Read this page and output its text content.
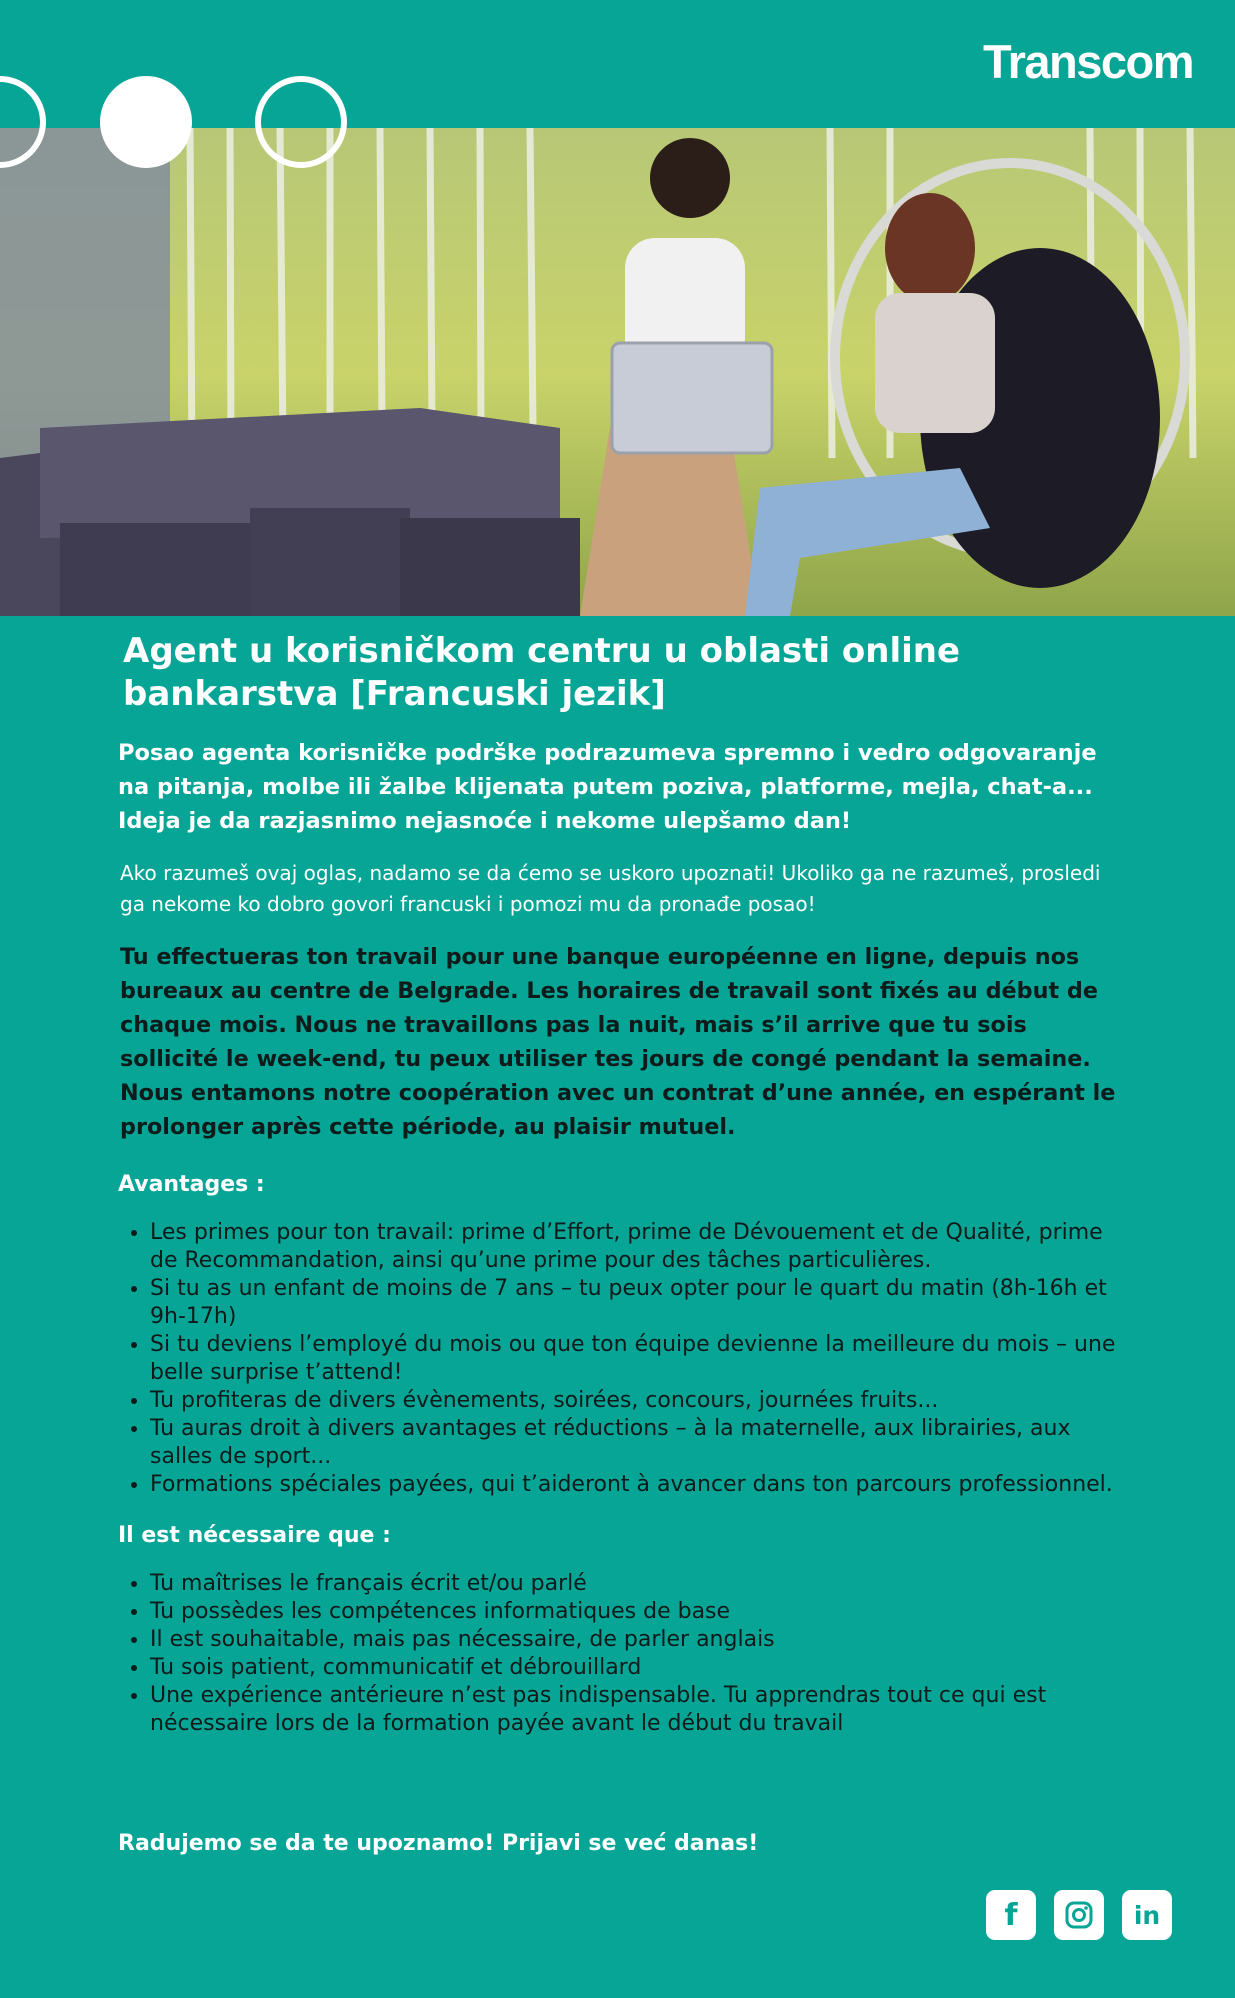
Transcom
Agent u korisničkom centru u oblasti online bankarstva [Francuski jezik]

Posao agenta korisničke podrške podrazumeva spremno i vedro odgovaranje na pitanja, molbe ili žalbe klijenata putem poziva, platforme, mejla, chat-a... Ideja je da razjasnimo nejasnoće i nekome ulepšamo dan!

Ako razumeš ovaj oglas, nadamo se da ćemo se uskoro upoznati! Ukoliko ga ne razumeš, prosledi ga nekome ko dobro govori francuski i pomozi mu da pronađe posao!

Tu effectueras ton travail pour une banque européenne en ligne, depuis nos bureaux au centre de Belgrade. Les horaires de travail sont fixés au début de chaque mois. Nous ne travaillons pas la nuit, mais s’il arrive que tu sois sollicité le week-end, tu peux utiliser tes jours de congé pendant la semaine. Nous entamons notre coopération avec un contrat d’une année, en espérant le prolonger après cette période, au plaisir mutuel.

Avantages :
• Les primes pour ton travail: prime d’Effort, prime de Dévouement et de Qualité, prime de Recommandation, ainsi qu’une prime pour des tâches particulières.
• Si tu as un enfant de moins de 7 ans – tu peux opter pour le quart du matin (8h-16h et 9h-17h)
• Si tu deviens l’employé du mois ou que ton équipe devienne la meilleure du mois – une belle surprise t’attend!
• Tu profiteras de divers évènements, soirées, concours, journées fruits...
• Tu auras droit à divers avantages et réductions – à la maternelle, aux librairies, aux salles de sport...
• Formations spéciales payées, qui t’aideront à avancer dans ton parcours professionnel.
Il est nécessaire que :
• Tu maîtrises le français écrit et/ou parlé
• Tu possèdes les compétences informatiques de base
• Il est souhaitable, mais pas nécessaire, de parler anglais
• Tu sois patient, communicatif et débrouillard
• Une expérience antérieure n’est pas indispensable. Tu apprendras tout ce qui est nécessaire lors de la formation payée avant le début du travail
Radujemo se da te upoznamo! Prijavi se već danas!
f	in
